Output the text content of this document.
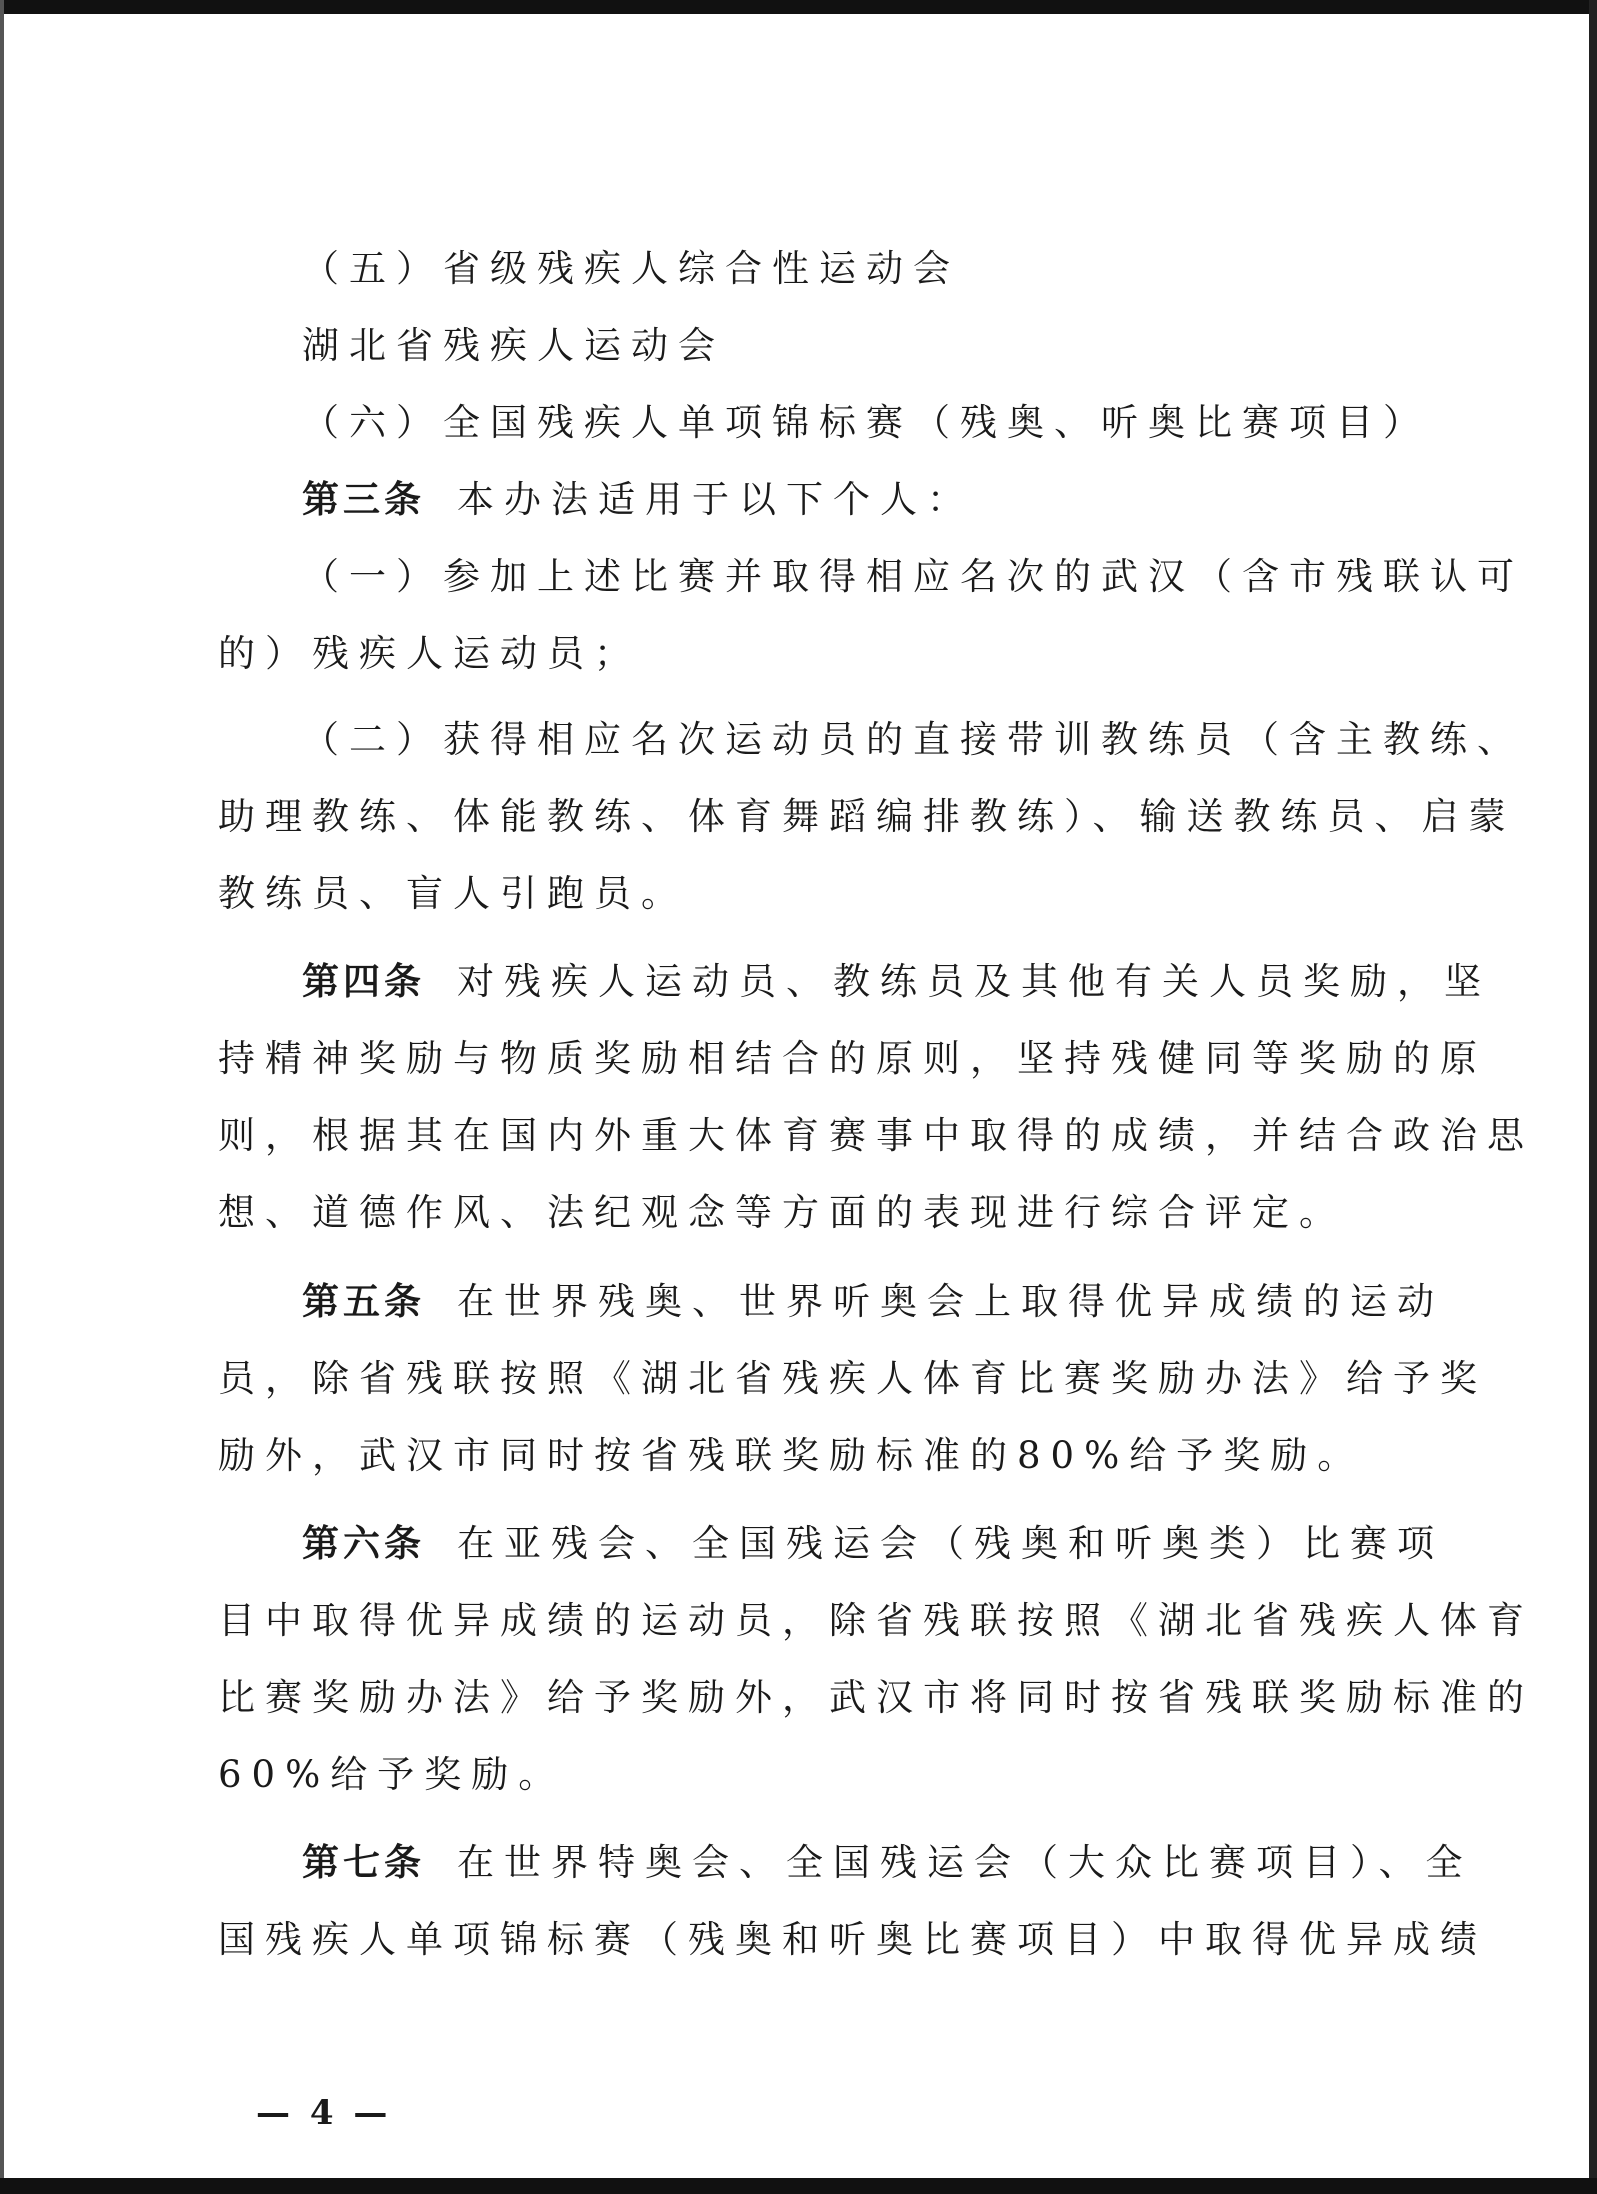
（五）省级残疾人综合性运动会
湖北省残疾人运动会
（六）全国残疾人单项锦标赛（残奥、听奥比赛项目）
第三条 本办法适用于以下个人：
（一）参加上述比赛并取得相应名次的武汉（含市残联认可
的）残疾人运动员；
（二）获得相应名次运动员的直接带训教练员（含主教练、
助理教练、体能教练、体育舞蹈编排教练）、输送教练员、启蒙
教练员、盲人引跑员。
第四条 对残疾人运动员、教练员及其他有关人员奖励，坚
持精神奖励与物质奖励相结合的原则，坚持残健同等奖励的原
则，根据其在国内外重大体育赛事中取得的成绩，并结合政治思
想、道德作风、法纪观念等方面的表现进行综合评定。
第五条 在世界残奥、世界听奥会上取得优异成绩的运动
员，除省残联按照《湖北省残疾人体育比赛奖励办法》给予奖
励外，武汉市同时按省残联奖励标准的80%给予奖励。
第六条 在亚残会、全国残运会（残奥和听奥类）比赛项
目中取得优异成绩的运动员，除省残联按照《湖北省残疾人体育
比赛奖励办法》给予奖励外，武汉市将同时按省残联奖励标准的
60%给予奖励。
第七条 在世界特奥会、全国残运会（大众比赛项目）、全
国残疾人单项锦标赛（残奥和听奥比赛项目）中取得优异成绩
— 4 —
